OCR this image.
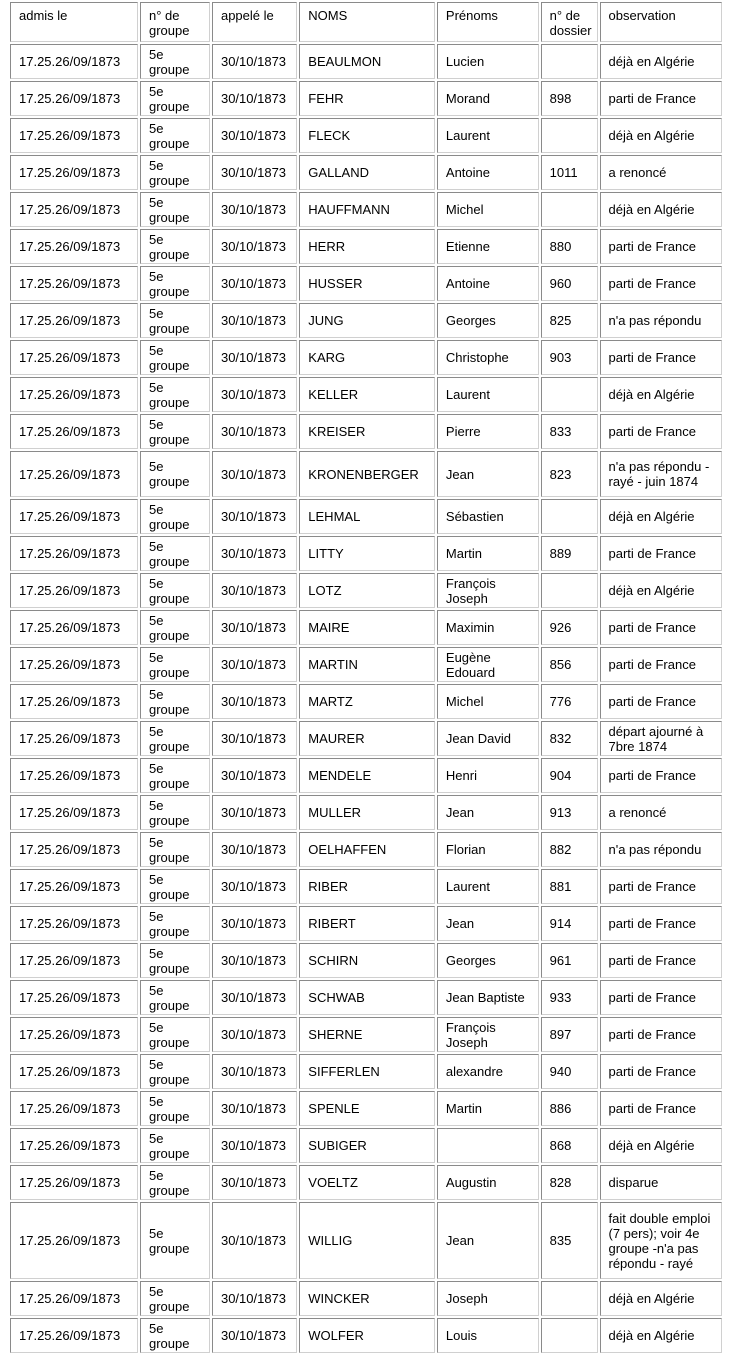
admis le	n° de groupe	appelé le	NOMS	Prénoms	n° de dossier	observation
17.25.26/09/1873	5e groupe	30/10/1873	BEAULMON	Lucien		déjà en Algérie
17.25.26/09/1873	5e groupe	30/10/1873	FEHR	Morand	898	parti de France
17.25.26/09/1873	5e groupe	30/10/1873	FLECK	Laurent		déjà en Algérie
17.25.26/09/1873	5e groupe	30/10/1873	GALLAND	Antoine	1011	a renoncé
17.25.26/09/1873	5e groupe	30/10/1873	HAUFFMANN	Michel		déjà en Algérie
17.25.26/09/1873	5e groupe	30/10/1873	HERR	Etienne	880	parti de France
17.25.26/09/1873	5e groupe	30/10/1873	HUSSER	Antoine	960	parti de France
17.25.26/09/1873	5e groupe	30/10/1873	JUNG	Georges	825	n'a pas répondu
17.25.26/09/1873	5e groupe	30/10/1873	KARG	Christophe	903	parti de France
17.25.26/09/1873	5e groupe	30/10/1873	KELLER	Laurent		déjà en Algérie
17.25.26/09/1873	5e groupe	30/10/1873	KREISER	Pierre	833	parti de France
17.25.26/09/1873	5e groupe	30/10/1873	KRONENBERGER	Jean	823	n'a pas répondu - rayé - juin 1874
17.25.26/09/1873	5e groupe	30/10/1873	LEHMAL	Sébastien		déjà en Algérie
17.25.26/09/1873	5e groupe	30/10/1873	LITTY	Martin	889	parti de France
17.25.26/09/1873	5e groupe	30/10/1873	LOTZ	François Joseph		déjà en Algérie
17.25.26/09/1873	5e groupe	30/10/1873	MAIRE	Maximin	926	parti de France
17.25.26/09/1873	5e groupe	30/10/1873	MARTIN	Eugène Edouard	856	parti de France
17.25.26/09/1873	5e groupe	30/10/1873	MARTZ	Michel	776	parti de France
17.25.26/09/1873	5e groupe	30/10/1873	MAURER	Jean David	832	départ ajourné à 7bre 1874
17.25.26/09/1873	5e groupe	30/10/1873	MENDELE	Henri	904	parti de France
17.25.26/09/1873	5e groupe	30/10/1873	MULLER	Jean	913	a renoncé
17.25.26/09/1873	5e groupe	30/10/1873	OELHAFFEN	Florian	882	n'a pas répondu
17.25.26/09/1873	5e groupe	30/10/1873	RIBER	Laurent	881	parti de France
17.25.26/09/1873	5e groupe	30/10/1873	RIBERT	Jean	914	parti de France
17.25.26/09/1873	5e groupe	30/10/1873	SCHIRN	Georges	961	parti de France
17.25.26/09/1873	5e groupe	30/10/1873	SCHWAB	Jean Baptiste	933	parti de France
17.25.26/09/1873	5e groupe	30/10/1873	SHERNE	François Joseph	897	parti de France
17.25.26/09/1873	5e groupe	30/10/1873	SIFFERLEN	alexandre	940	parti de France
17.25.26/09/1873	5e groupe	30/10/1873	SPENLE	Martin	886	parti de France
17.25.26/09/1873	5e groupe	30/10/1873	SUBIGER		868	déjà en Algérie
17.25.26/09/1873	5e groupe	30/10/1873	VOELTZ	Augustin	828	disparue
17.25.26/09/1873	5e groupe	30/10/1873	WILLIG	Jean	835	fait double emploi (7 pers); voir 4e groupe -n'a pas répondu - rayé
17.25.26/09/1873	5e groupe	30/10/1873	WINCKER	Joseph		déjà en Algérie
17.25.26/09/1873	5e groupe	30/10/1873	WOLFER	Louis		déjà en Algérie
